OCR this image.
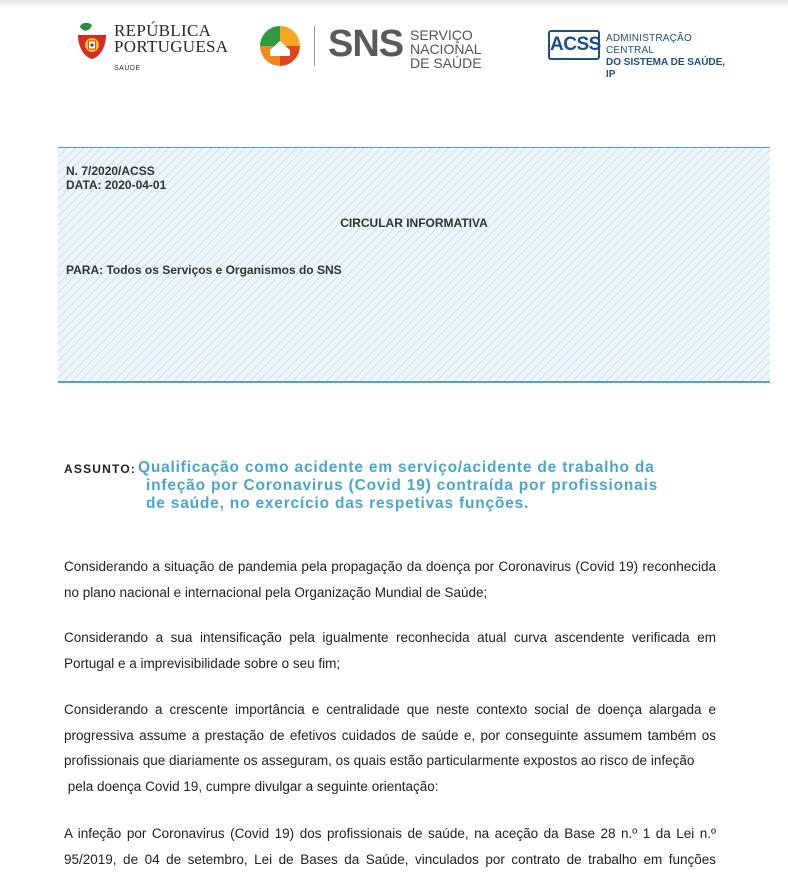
REPÚBLICA
PORTUGUESA
SAÚDE
SNS SERVIÇO NACIONAL
DE SAÚDE
ACSS ADMINISTRAÇÃO CENTRAL
DO SISTEMA DE SAÚDE, IP
N. 7/2020/ACSS
DATA: 2020-04-01
CIRCULAR INFORMATIVA
PARA: Todos os Serviços e Organismos do SNS
ASSUNTO: Qualificação como acidente em serviço/acidente de trabalho da
infeção por Coronavirus (Covid 19) contraída por profissionais
de saúde, no exercício das respetivas funções.
Considerando a situação de pandemia pela propagação da doença por Coronavirus (Covid 19) reconhecida
no plano nacional e internacional pela Organização Mundial de Saúde;
Considerando a sua intensificação pela igualmente reconhecida atual curva ascendente verificada em
Portugal e a imprevisibilidade sobre o seu fim;
Considerando a crescente importância e centralidade que neste contexto social de doença alargada e
progressiva assume a prestação de efetivos cuidados de saúde e, por conseguinte assumem também os
profissionais que diariamente os asseguram, os quais estão particularmente expostos ao risco de infeção
pela doença Covid 19, cumpre divulgar a seguinte orientação:
A infeção por Coronavirus (Covid 19) dos profissionais de saúde, na aceção da Base 28 n.º 1 da Lei n.º
95/2019, de 04 de setembro, Lei de Bases da Saúde, vinculados por contrato de trabalho em funções
